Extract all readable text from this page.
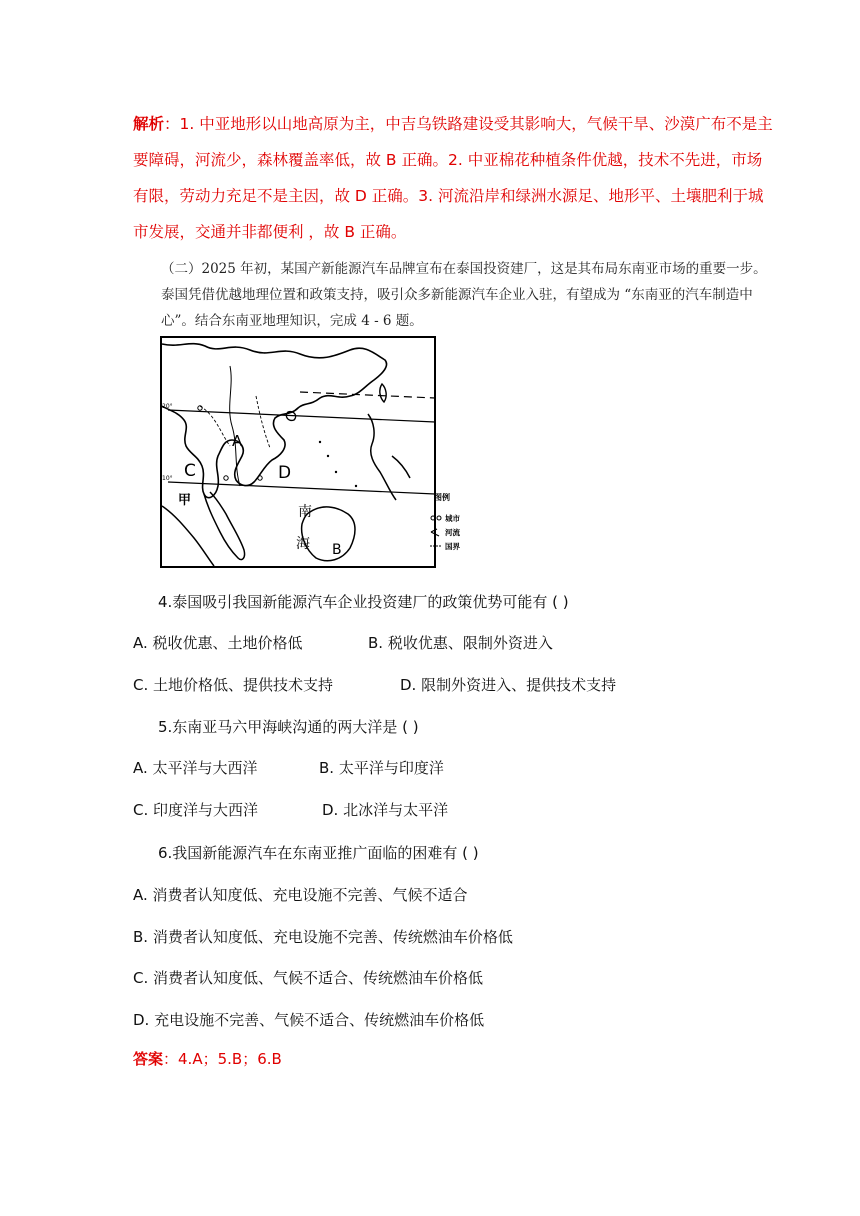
解析：1. 中亚地形以山地高原为主，中吉乌铁路建设受其影响大，气候干旱、沙漠广布不是主要障碍，河流少，森林覆盖率低，故 B 正确。2. 中亚棉花种植条件优越，技术不先进，市场有限，劳动力充足不是主因，故 D 正确。3. 河流沿岸和绿洲水源足、地形平、土壤肥利于城市发展，交通并非都便利 ，故 B 正确。
（二）2025 年初，某国产新能源汽车品牌宣布在泰国投资建厂，这是其布局东南亚市场的重要一步。泰国凭借优越地理位置和政策支持，吸引众多新能源汽车企业入驻，有望成为 “东南亚的汽车制造中心”。结合东南亚地理知识，完成 4 - 6 题。
20°
10°
A
C	D
甲
南
海 B
图例
城市
河流
国界
4.泰国吸引我国新能源汽车企业投资建厂的政策优势可能有 ( )
A. 税收优惠、土地价格低	B. 税收优惠、限制外资进入
C. 土地价格低、提供技术支持	D. 限制外资进入、提供技术支持
5.东南亚马六甲海峡沟通的两大洋是 ( )
A. 太平洋与大西洋	B. 太平洋与印度洋
C. 印度洋与大西洋	D. 北冰洋与太平洋
6.我国新能源汽车在东南亚推广面临的困难有 ( )
A. 消费者认知度低、充电设施不完善、气候不适合
B. 消费者认知度低、充电设施不完善、传统燃油车价格低
C. 消费者认知度低、气候不适合、传统燃油车价格低
D. 充电设施不完善、气候不适合、传统燃油车价格低
答案：4.A；5.B；6.B
